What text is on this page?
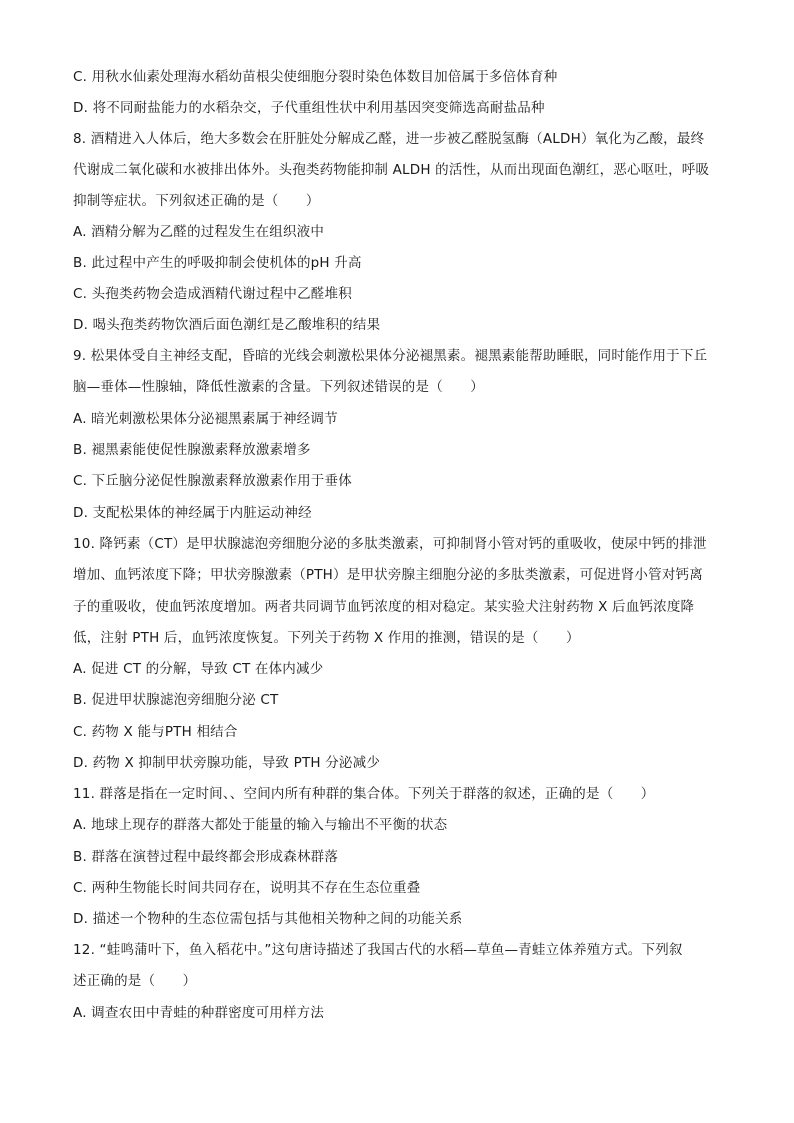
C. 用秋水仙素处理海水稻幼苗根尖使细胞分裂时染色体数目加倍属于多倍体育种
D. 将不同耐盐能力的水稻杂交，子代重组性状中利用基因突变筛选高耐盐品种
8. 酒精进入人体后，绝大多数会在肝脏处分解成乙醛，进一步被乙醛脱氢酶（ALDH）氧化为乙酸，最终
代谢成二氧化碳和水被排出体外。头孢类药物能抑制 ALDH 的活性，从而出现面色潮红，恶心呕吐，呼吸
抑制等症状。下列叙述正确的是（　　）
A. 酒精分解为乙醛的过程发生在组织液中
B. 此过程中产生的呼吸抑制会使机体的pH 升高
C. 头孢类药物会造成酒精代谢过程中乙醛堆积
D. 喝头孢类药物饮酒后面色潮红是乙酸堆积的结果
9. 松果体受自主神经支配，昏暗的光线会刺激松果体分泌褪黑素。褪黑素能帮助睡眠，同时能作用于下丘
脑—垂体—性腺轴，降低性激素的含量。下列叙述错误的是（　　）
A. 暗光刺激松果体分泌褪黑素属于神经调节
B. 褪黑素能使促性腺激素释放激素增多
C. 下丘脑分泌促性腺激素释放激素作用于垂体
D. 支配松果体的神经属于内脏运动神经
10. 降钙素（CT）是甲状腺滤泡旁细胞分泌的多肽类激素，可抑制肾小管对钙的重吸收，使尿中钙的排泄
增加、血钙浓度下降；甲状旁腺激素（PTH）是甲状旁腺主细胞分泌的多肽类激素，可促进肾小管对钙离
子的重吸收，使血钙浓度增加。两者共同调节血钙浓度的相对稳定。某实验犬注射药物 X 后血钙浓度降
低，注射 PTH 后，血钙浓度恢复。下列关于药物 X 作用的推测，错误的是（　　）
A. 促进 CT 的分解，导致 CT 在体内减少
B. 促进甲状腺滤泡旁细胞分泌 CT
C. 药物 X 能与PTH 相结合
D. 药物 X 抑制甲状旁腺功能，导致 PTH 分泌减少
11. 群落是指在一定时间、、空间内所有种群的集合体。下列关于群落的叙述，正确的是（　　）
A. 地球上现存的群落大都处于能量的输入与输出不平衡的状态
B. 群落在演替过程中最终都会形成森林群落
C. 两种生物能长时间共同存在，说明其不存在生态位重叠
D. 描述一个物种的生态位需包括与其他相关物种之间的功能关系
12. “蛙鸣蒲叶下，鱼入稻花中。”这句唐诗描述了我国古代的水稻—草鱼—青蛙立体养殖方式。下列叙
述正确的是（　　）
A. 调查农田中青蛙的种群密度可用样方法
